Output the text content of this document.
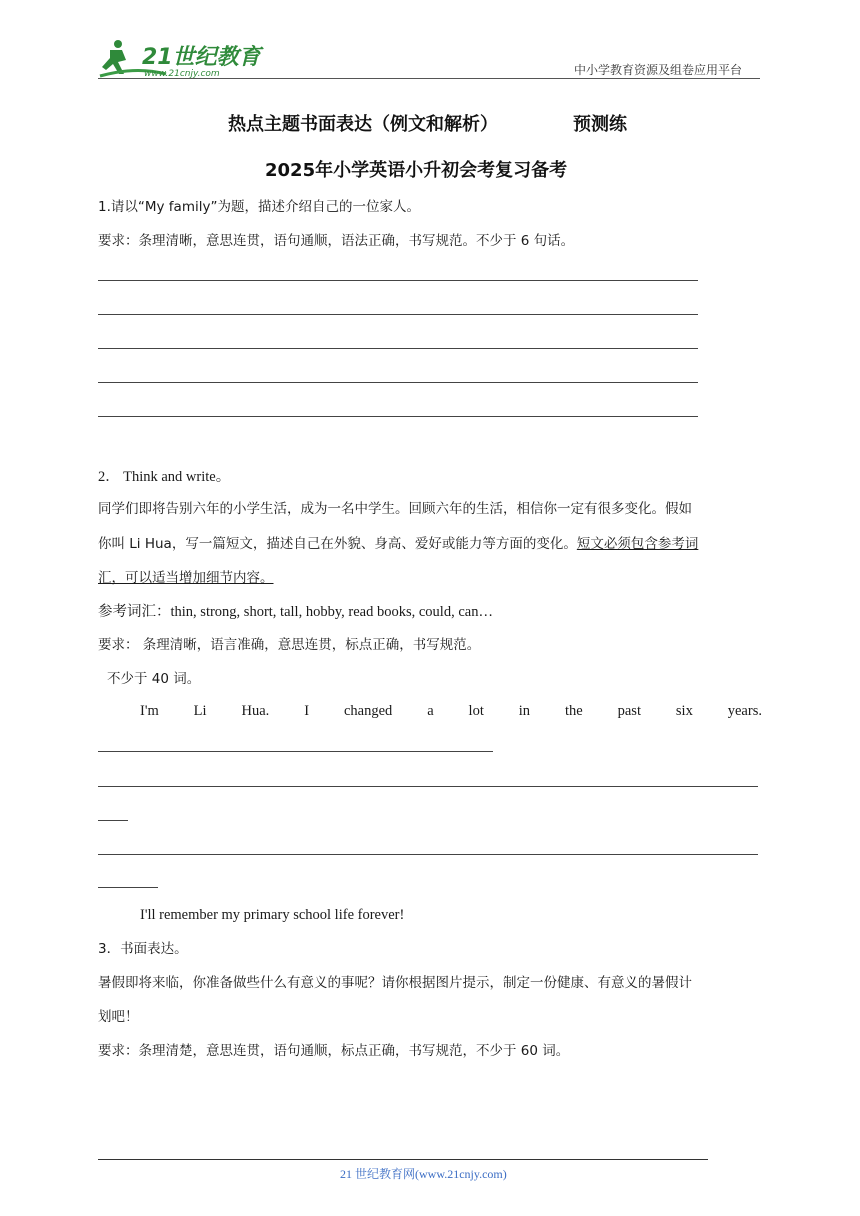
21世纪教育
www.21cnjy.com	中小学教育资源及组卷应用平台
热点主题书面表达（例文和解析）	预测练
2025年小学英语小升初会考复习备考
1.请以“My family”为题，描述介绍自己的一位家人。
要求：条理清晰，意思连贯，语句通顺，语法正确，书写规范。不少于 6 句话。
2． Think and write。
同学们即将告别六年的小学生活，成为一名中学生。回顾六年的生活，相信你一定有很多变化。假如
你叫 Li Hua，写一篇短文，描述自己在外貌、身高、爱好或能力等方面的变化。短文必须包含参考词
汇，可以适当增加细节内容。
参考词汇：thin, strong, short, tall, hobby, read books, could, can…
要求： 条理清晰，语言准确，意思连贯，标点正确，书写规范。
不少于 40 词。
I'm Li Hua. I changed a lot in the past six years.
I'll remember my primary school life forever!
3．书面表达。
暑假即将来临，你准备做些什么有意义的事呢？请你根据图片提示，制定一份健康、有意义的暑假计
划吧！
要求：条理清楚，意思连贯，语句通顺，标点正确，书写规范，不少于 60 词。
21 世纪教育网(www.21cnjy.com)
